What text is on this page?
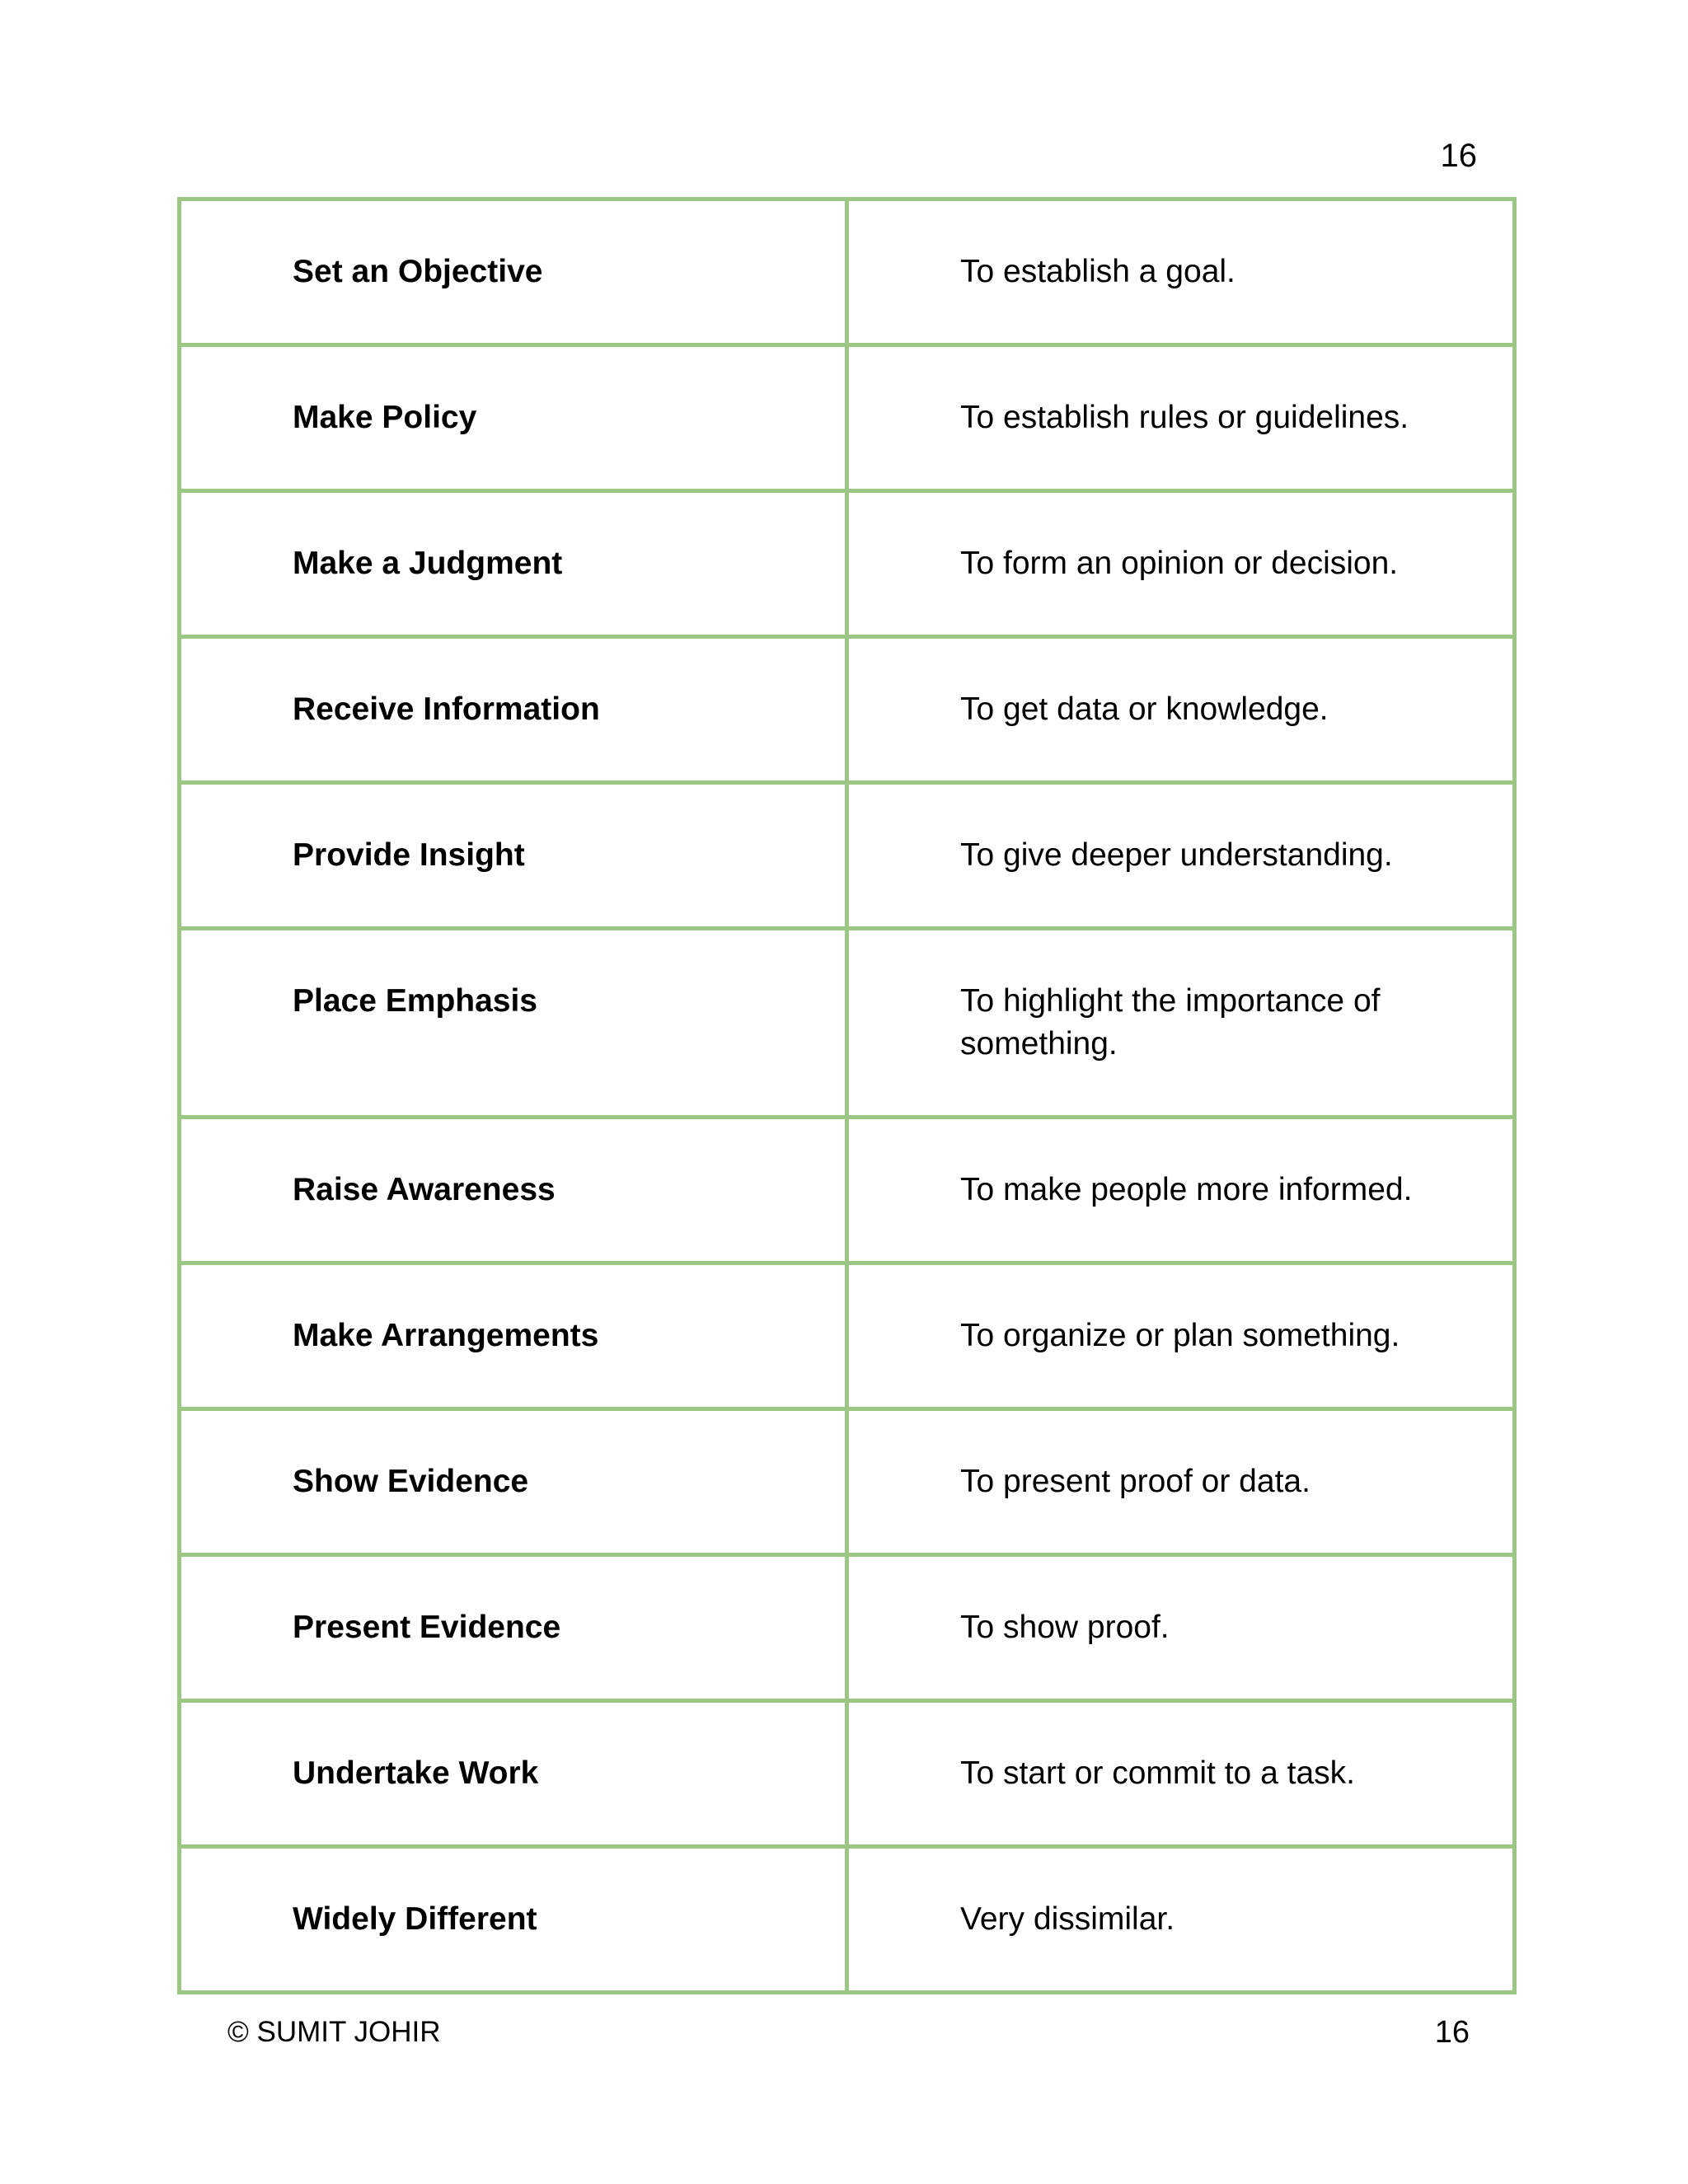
16
Set an Objective	To establish a goal.
Make Policy	To establish rules or guidelines.
Make a Judgment	To form an opinion or decision.
Receive Information	To get data or knowledge.
Provide Insight	To give deeper understanding.
Place Emphasis	To highlight the importance of something.
Raise Awareness	To make people more informed.
Make Arrangements	To organize or plan something.
Show Evidence	To present proof or data.
Present Evidence	To show proof.
Undertake Work	To start or commit to a task.
Widely Different	Very dissimilar.
© SUMIT JOHIR	16
